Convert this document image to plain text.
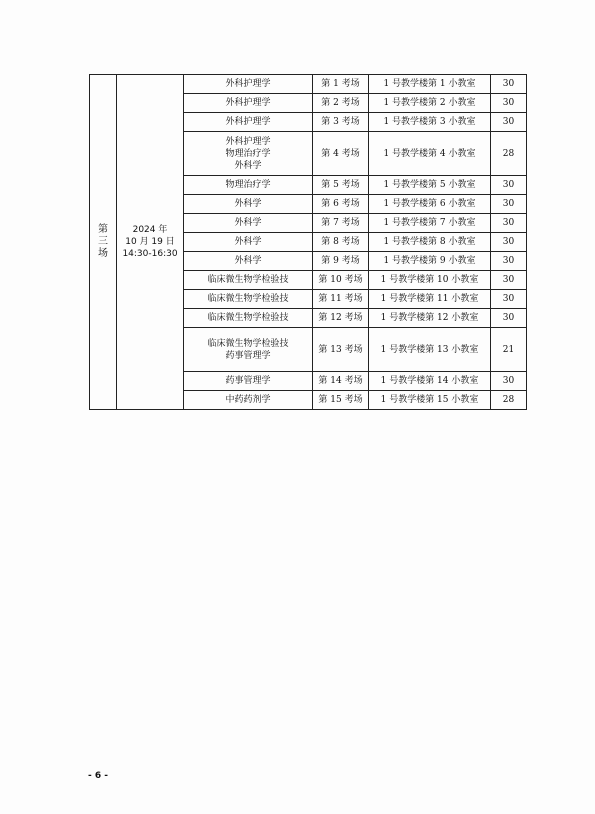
第
三
场	2024 年
10 月 19 日
14:30-16:30	外科护理学	第 1 考场	1 号教学楼第 1 小教室	30

		外科护理学	第 2 考场	1 号教学楼第 2 小教室	30

		外科护理学	第 3 考场	1 号教学楼第 3 小教室	30

		外科护理学
物理治疗学
外科学	第 4 考场	1 号教学楼第 4 小教室	28

		物理治疗学	第 5 考场	1 号教学楼第 5 小教室	30

		外科学	第 6 考场	1 号教学楼第 6 小教室	30

		外科学	第 7 考场	1 号教学楼第 7 小教室	30

		外科学	第 8 考场	1 号教学楼第 8 小教室	30

		外科学	第 9 考场	1 号教学楼第 9 小教室	30

		临床微生物学检验技	第 10 考场	1 号教学楼第 10 小教室	30

		临床微生物学检验技	第 11 考场	1 号教学楼第 11 小教室	30

		临床微生物学检验技	第 12 考场	1 号教学楼第 12 小教室	30

		临床微生物学检验技
药事管理学	第 13 考场	1 号教学楼第 13 小教室	21

		药事管理学	第 14 考场	1 号教学楼第 14 小教室	30

		中药药剂学	第 15 考场	1 号教学楼第 15 小教室	28
- 6 -
